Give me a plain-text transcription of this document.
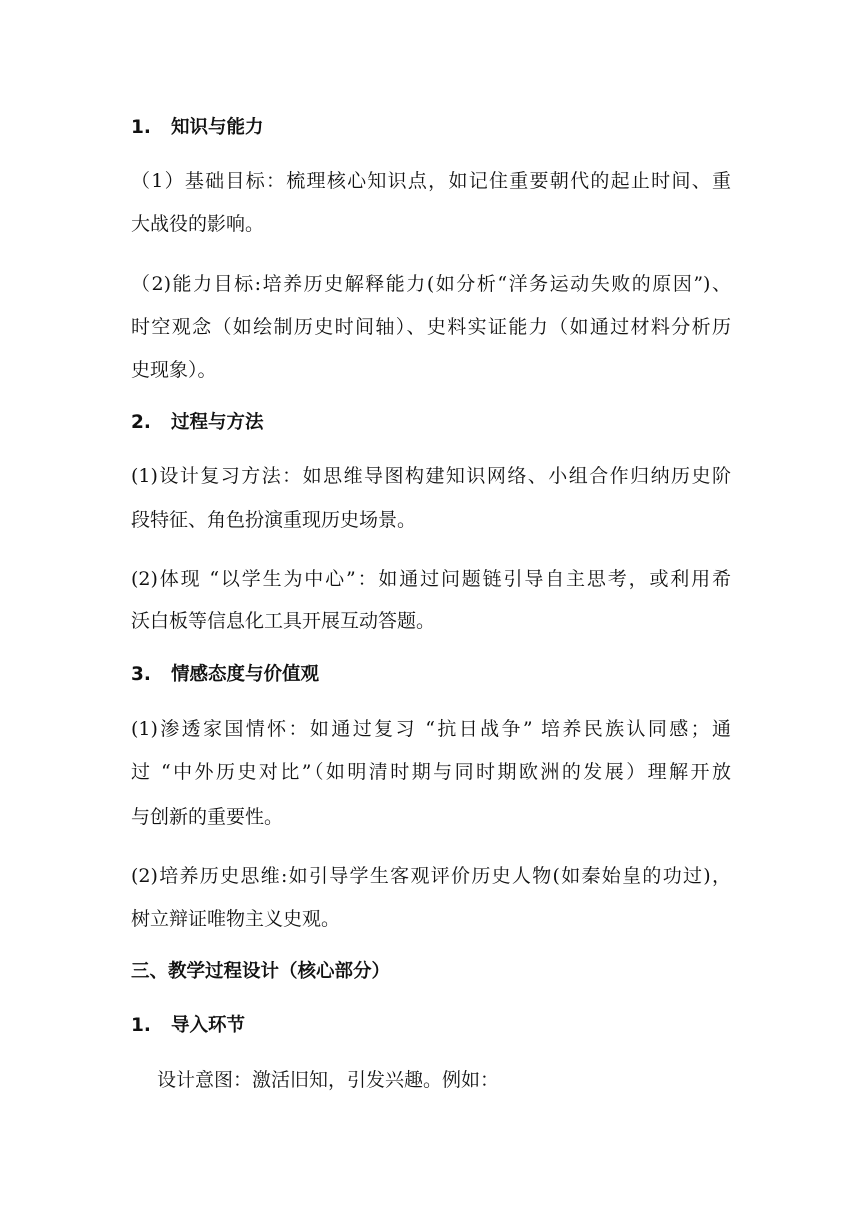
1. 知识与能力
（1）基础目标：梳理核心知识点，如记住重要朝代的起止时间、重
大战役的影响。
（2)能力目标:培养历史解释能力(如分析“洋务运动失败的原因”)、
时空观念（如绘制历史时间轴）、史料实证能力（如通过材料分析历
史现象）。
2. 过程与方法
(1)设计复习方法：如思维导图构建知识网络、小组合作归纳历史阶
段特征、角色扮演重现历史场景。
(2)体现 “以学生为中心”：如通过问题链引导自主思考，或利用希
沃白板等信息化工具开展互动答题。
3. 情感态度与价值观
(1)渗透家国情怀：如通过复习 “抗日战争” 培养民族认同感；通
过 “中外历史对比”（如明清时期与同时期欧洲的发展）理解开放
与创新的重要性。
(2)培养历史思维:如引导学生客观评价历史人物(如秦始皇的功过)，
树立辩证唯物主义史观。
三、教学过程设计（核心部分）
1. 导入环节
设计意图：激活旧知，引发兴趣。例如：
